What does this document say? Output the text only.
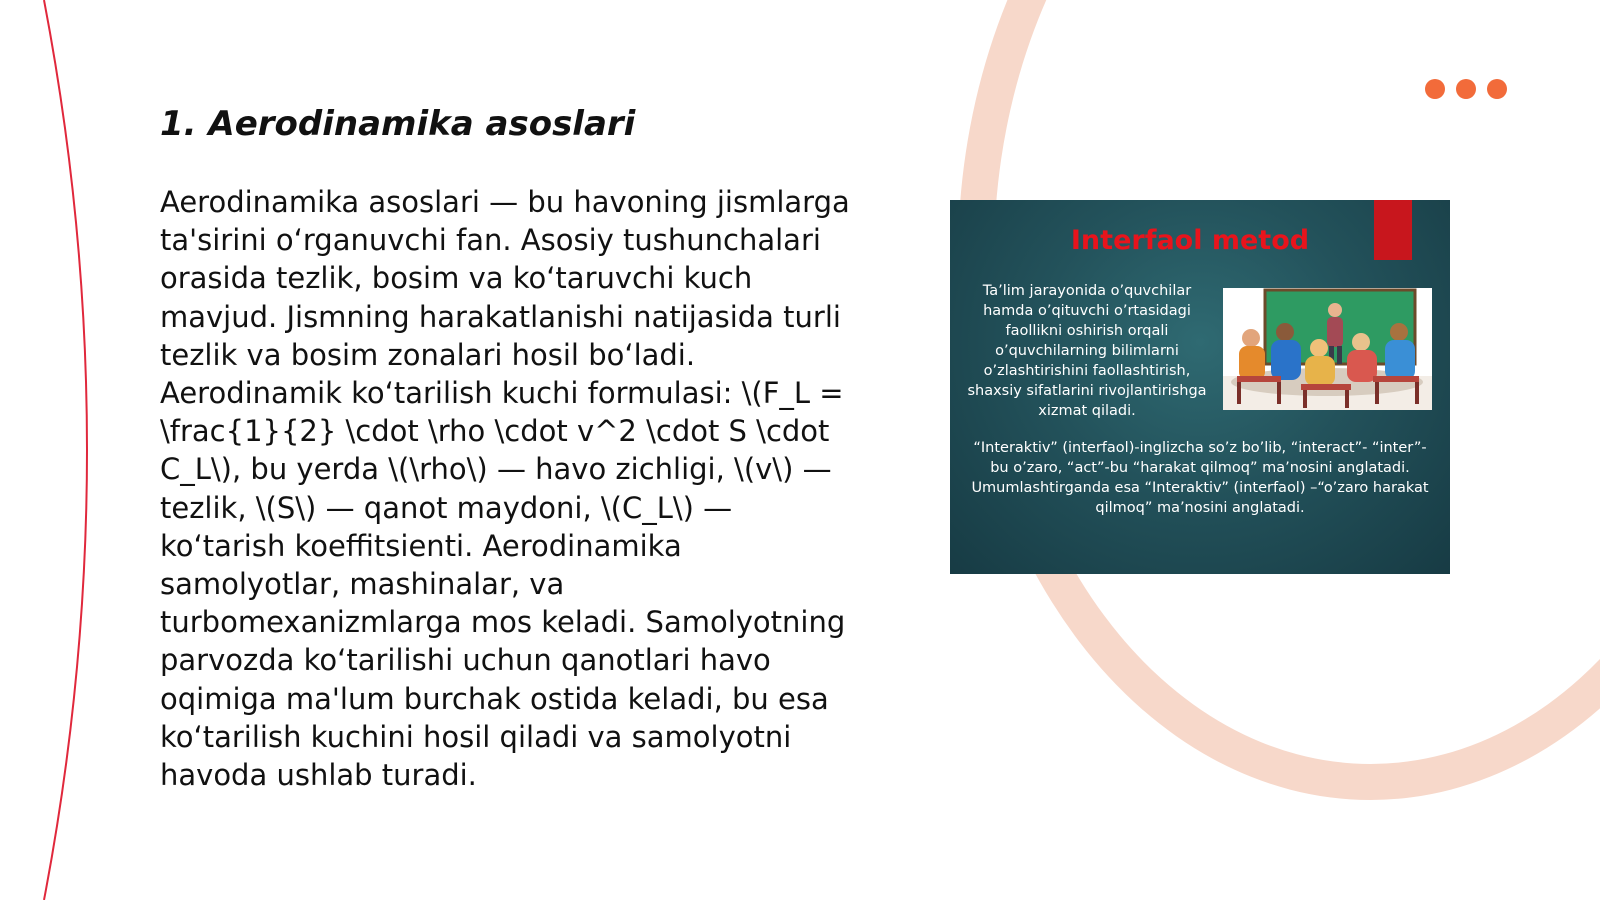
1. Aerodinamika asoslari

Aerodinamika asoslari — bu havoning jismlarga ta'sirini o‘rganuvchi fan. Asosiy tushunchalari orasida tezlik, bosim va ko‘taruvchi kuch mavjud. Jismning harakatlanishi natijasida turli tezlik va bosim zonalari hosil bo‘ladi. Aerodinamik ko‘tarilish kuchi formulasi: \(F_L = \frac{1}{2} \cdot \rho \cdot v^2 \cdot S \cdot C_L\), bu yerda \(\rho\) — havo zichligi, \(v\) — tezlik, \(S\) — qanot maydoni, \(C_L\) — ko‘tarish koeffitsienti. Aerodinamika samolyotlar, mashinalar, va turbomexanizmlarga mos keladi. Samolyotning parvozda ko‘tarilishi uchun qanotlari havo oqimiga ma'lum burchak ostida keladi, bu esa ko‘tarilish kuchini hosil qiladi va samolyotni havoda ushlab turadi.

Interfaol metod
Ta’lim jarayonida o’quvchilar hamda o’qituvchi o’rtasidagi faollikni oshirish orqali o’quvchilarning bilimlarni o’zlashtirishini faollashtirish, shaxsiy sifatlarini rivojlantirishga xizmat qiladi.
“Interaktiv” (interfaol)-inglizcha so’z bo’lib, “interact”- “inter”-bu o’zaro, “act”-bu “harakat qilmoq” ma’nosini anglatadi. Umumlashtirganda esa “Interaktiv” (interfaol) –“o’zaro harakat qilmoq” ma’nosini anglatadi.
